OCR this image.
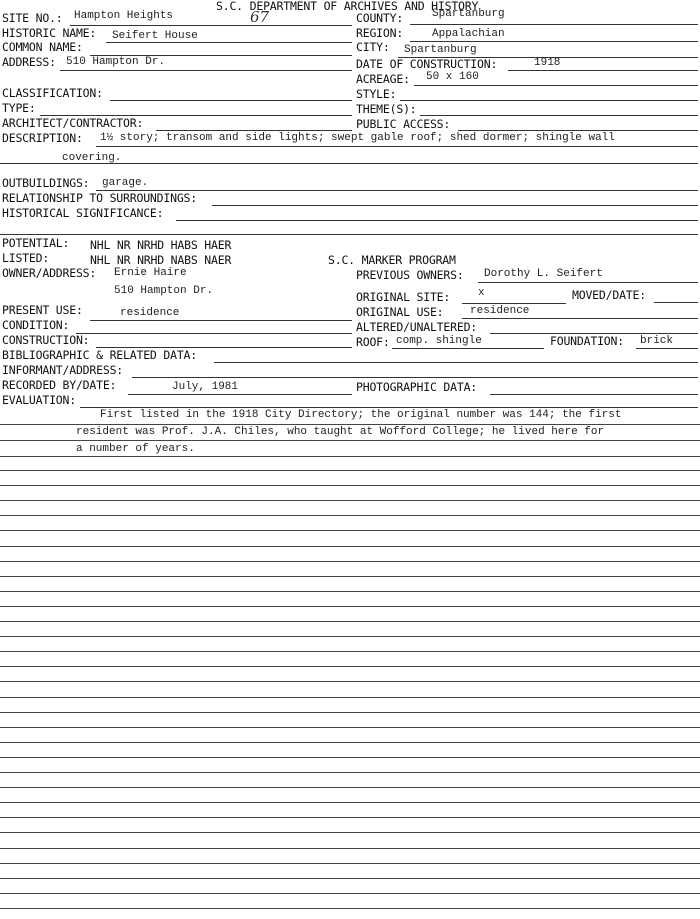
S.C. DEPARTMENT OF ARCHIVES AND HISTORY
67
SITE NO.: Hampton Heights	COUNTY:	Spartanburg
HISTORIC NAME: Seifert House	REGION:	Appalachian
COMMON NAME:	CITY: Spartanburg
ADDRESS: 510 Hampton Dr.	DATE OF CONSTRUCTION:	1918
ACREAGE: 50 x 160
CLASSIFICATION:	STYLE:
TYPE:	THEME(S):
ARCHITECT/CONTRACTOR:	PUBLIC ACCESS:
DESCRIPTION: 1½ story; transom and side lights; swept gable roof; shed dormer; shingle wall
covering.
OUTBUILDINGS: garage.
RELATIONSHIP TO SURROUNDINGS:
HISTORICAL SIGNIFICANCE:
POTENTIAL: NHL NR NRHD HABS HAER
LISTED:	NHL NR NRHD NABS NAER	S.C. MARKER PROGRAM
OWNER/ADDRESS: Ernie Haire	PREVIOUS OWNERS: Dorothy L. Seifert
510 Hampton Dr.	ORIGINAL SITE:	x	MOVED/DATE:
PRESENT USE:	residence	ORIGINAL USE: residence
CONDITION:	ALTERED/UNALTERED:
CONSTRUCTION:	ROOF: comp. shingle	FOUNDATION: brick
BIBLIOGRAPHIC & RELATED DATA:
INFORMANT/ADDRESS:
RECORDED BY/DATE:	July, 1981	PHOTOGRAPHIC DATA:
EVALUATION:
First listed in the 1918 City Directory; the original number was 144; the first
resident was Prof. J.A. Chiles, who taught at Wofford College; he lived here for
a number of years.
